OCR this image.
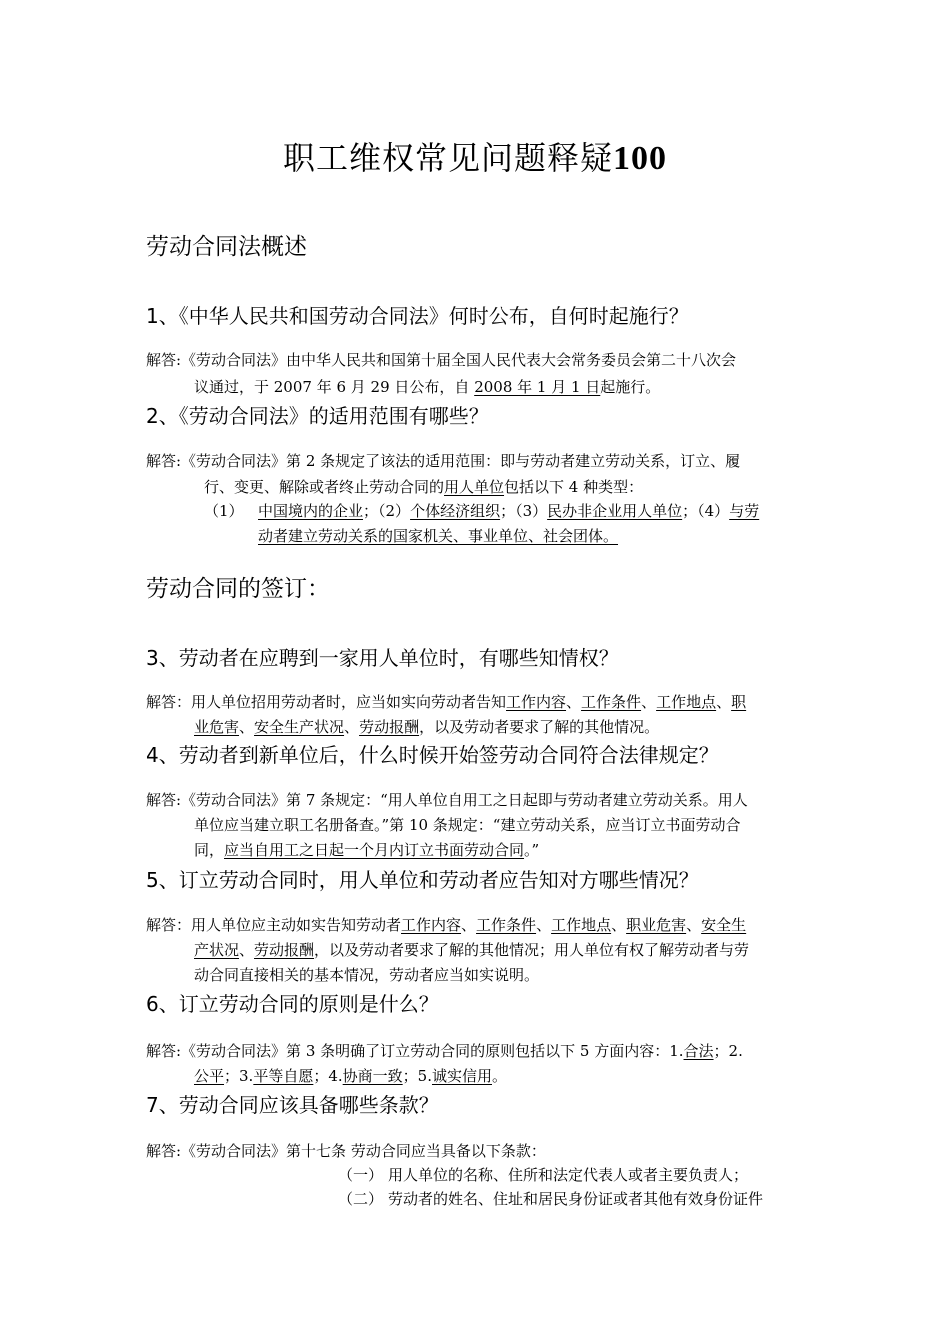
职工维权常见问题释疑100
劳动合同法概述
1、《中华人民共和国劳动合同法》何时公布，自何时起施行？
解答:《劳动合同法》由中华人民共和国第十届全国人民代表大会常务委员会第二十八次会
议通过，于 2007 年 6 月 29 日公布，自 2008 年 1 月 1 日起施行。
2、《劳动合同法》的适用范围有哪些？
解答:《劳动合同法》第 2 条规定了该法的适用范围：即与劳动者建立劳动关系，订立、履
行、变更、解除或者终止劳动合同的用人单位包括以下 4 种类型：
（1） 中国境内的企业；（2）个体经济组织；（3）民办非企业用人单位；（4）与劳
动者建立劳动关系的国家机关、事业单位、社会团体。
劳动合同的签订：
3、劳动者在应聘到一家用人单位时，有哪些知情权？
解答：用人单位招用劳动者时，应当如实向劳动者告知工作内容、工作条件、工作地点、职
业危害、安全生产状况、劳动报酬，以及劳动者要求了解的其他情况。
4、劳动者到新单位后，什么时候开始签劳动合同符合法律规定？
解答:《劳动合同法》第 7 条规定：“用人单位自用工之日起即与劳动者建立劳动关系。用人
单位应当建立职工名册备查。”第 10 条规定：“建立劳动关系，应当订立书面劳动合
同，应当自用工之日起一个月内订立书面劳动合同。”
5、订立劳动合同时，用人单位和劳动者应告知对方哪些情况？
解答：用人单位应主动如实告知劳动者工作内容、工作条件、工作地点、职业危害、安全生
产状况、劳动报酬，以及劳动者要求了解的其他情况；用人单位有权了解劳动者与劳
动合同直接相关的基本情况，劳动者应当如实说明。
6、订立劳动合同的原则是什么？
解答:《劳动合同法》第 3 条明确了订立劳动合同的原则包括以下 5 方面内容：1.合法；2.
公平；3.平等自愿；4.协商一致；5.诚实信用。
7、劳动合同应该具备哪些条款？
解答:《劳动合同法》第十七条 劳动合同应当具备以下条款：
（一） 用人单位的名称、住所和法定代表人或者主要负责人；
（二） 劳动者的姓名、住址和居民身份证或者其他有效身份证件
